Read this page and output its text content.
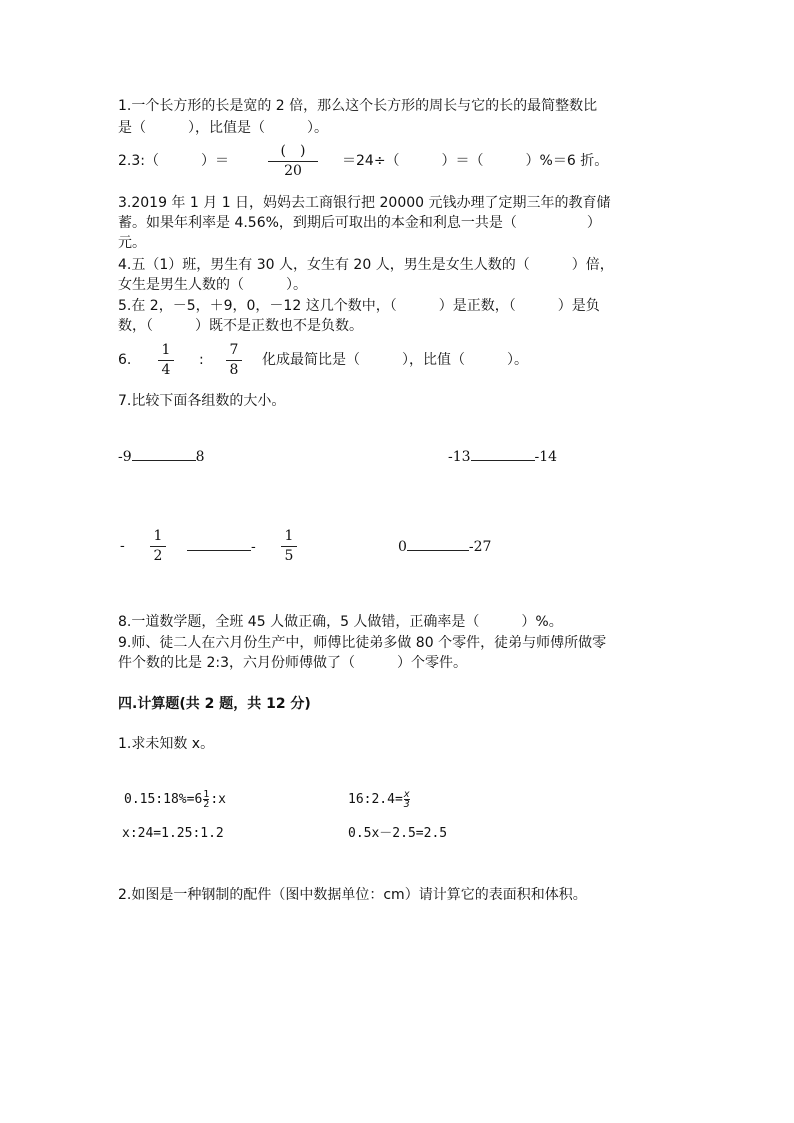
1.一个长方形的长是宽的 2 倍，那么这个长方形的周长与它的长的最简整数比
是（　　　），比值是（　　　）。
2.3:（　　　）＝
(　)
20
＝24÷（　　　）＝（　　　）%＝6 折。
3.2019 年 1 月 1 日，妈妈去工商银行把 20000 元钱办理了定期三年的教育储
蓄。如果年利率是 4.56%，到期后可取出的本金和利息一共是（　　　　　）
元。
4.五（1）班，男生有 30 人，女生有 20 人，男生是女生人数的（　　　）倍，
女生是男生人数的（　　　）。
5.在 2，－5，＋9，0，－12 这几个数中，（　　　）是正数，（　　　）是负
数，（　　　）既不是正数也不是负数。
6.
1
4
:
7
8
化成最简比是（　　　），比值（　　　）。
7.比较下面各组数的大小。
-9	8	-13	-14
-
1
2
-
1
5
0	-27
8.一道数学题，全班 45 人做正确，5 人做错，正确率是（　　　）%。
9.师、徒二人在六月份生产中，师傅比徒弟多做 80 个零件，徒弟与师傅所做零
件个数的比是 2:3，六月份师傅做了（　　　）个零件。
四.计算题(共 2 题，共 12 分)
1.求未知数 x。
$0.15:18\%=6\frac{1}{2}:x$	$16:2.4=\frac{x}{3}$
x:24=1.25:1.2	0.5x－2.5=2.5
2.如图是一种钢制的配件（图中数据单位：cm）请计算它的表面积和体积。
